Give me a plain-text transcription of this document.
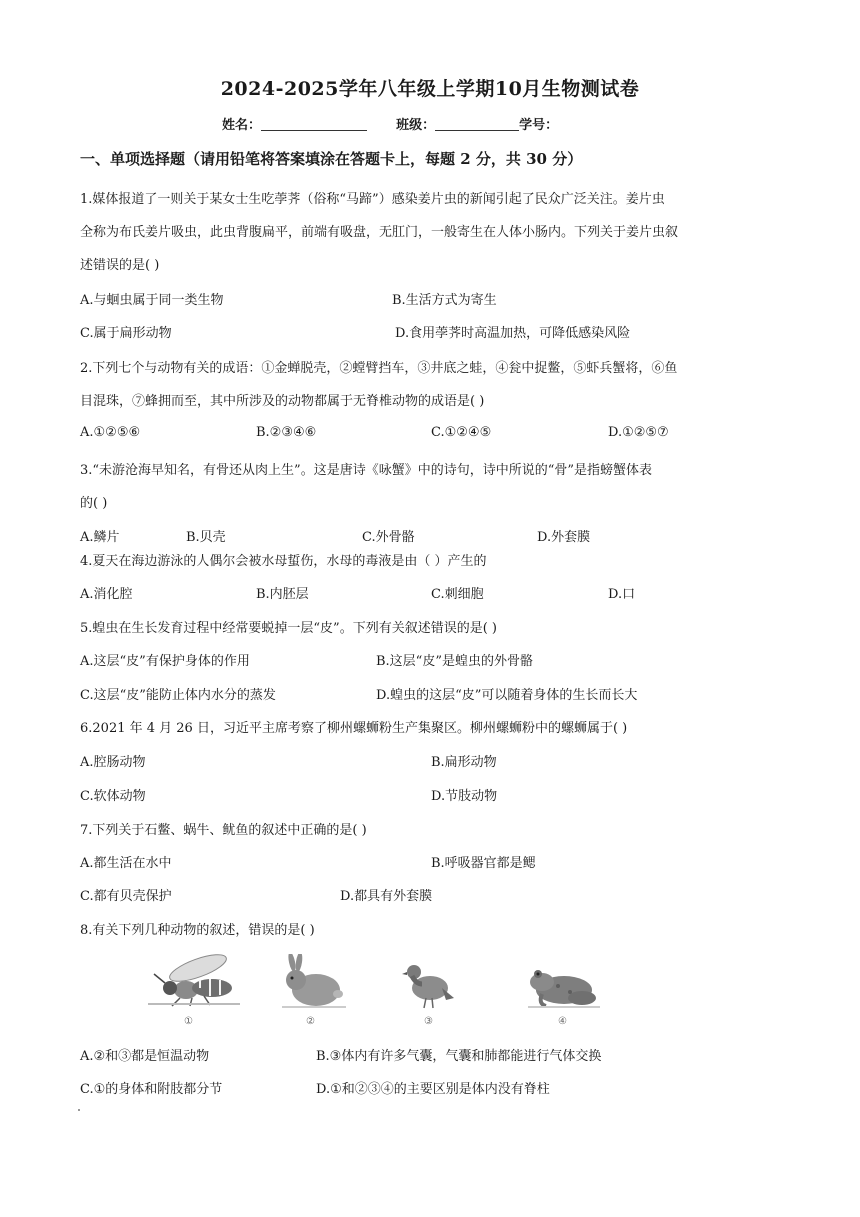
2024-2025学年八年级上学期10月生物测试卷
姓名：	班级：	学号：
一、单项选择题（请用铅笔将答案填涂在答题卡上，每题 2 分，共 30 分）
1.媒体报道了一则关于某女士生吃荸荠（俗称“马蹄”）感染姜片虫的新闻引起了民众广泛关注。姜片虫
全称为布氏姜片吸虫，此虫背腹扁平，前端有吸盘，无肛门，一般寄生在人体小肠内。下列关于姜片虫叙
述错误的是( )
A.与蛔虫属于同一类生物	B.生活方式为寄生
C.属于扁形动物	D.食用荸荠时高温加热，可降低感染风险
2.下列七个与动物有关的成语：①金蝉脱壳，②螳臂挡车，③井底之蛙，④瓮中捉鳖，⑤虾兵蟹将，⑥鱼
目混珠，⑦蜂拥而至，其中所涉及的动物都属于无脊椎动物的成语是( )
A.①②⑤⑥	B.②③④⑥	C.①②④⑤	D.①②⑤⑦
3.“未游沧海早知名，有骨还从肉上生”。这是唐诗《咏蟹》中的诗句，诗中所说的“骨”是指螃蟹体表
的( )
A.鳞片	B.贝壳	C.外骨骼	D.外套膜
4.夏天在海边游泳的人偶尔会被水母蜇伤，水母的毒液是由（ ）产生的
A.消化腔	B.内胚层	C.刺细胞	D.口
5.蝗虫在生长发育过程中经常要蜕掉一层“皮”。下列有关叙述错误的是( )
A.这层“皮”有保护身体的作用	B.这层“皮”是蝗虫的外骨骼
C.这层“皮”能防止体内水分的蒸发	D.蝗虫的这层“皮”可以随着身体的生长而长大
6.2021 年 4 月 26 日，习近平主席考察了柳州螺蛳粉生产集聚区。柳州螺蛳粉中的螺蛳属于( )
A.腔肠动物	B.扁形动物
C.软体动物	D.节肢动物
7.下列关于石鳖、蜗牛、鱿鱼的叙述中正确的是( )
A.都生活在水中	B.呼吸器官都是鳃
C.都有贝壳保护	D.都具有外套膜
8.有关下列几种动物的叙述，错误的是( )
①	②	③	④
A.②和③都是恒温动物	B.③体内有许多气囊，气囊和肺都能进行气体交换
C.①的身体和附肢都分节	D.①和②③④的主要区别是体内没有脊柱
